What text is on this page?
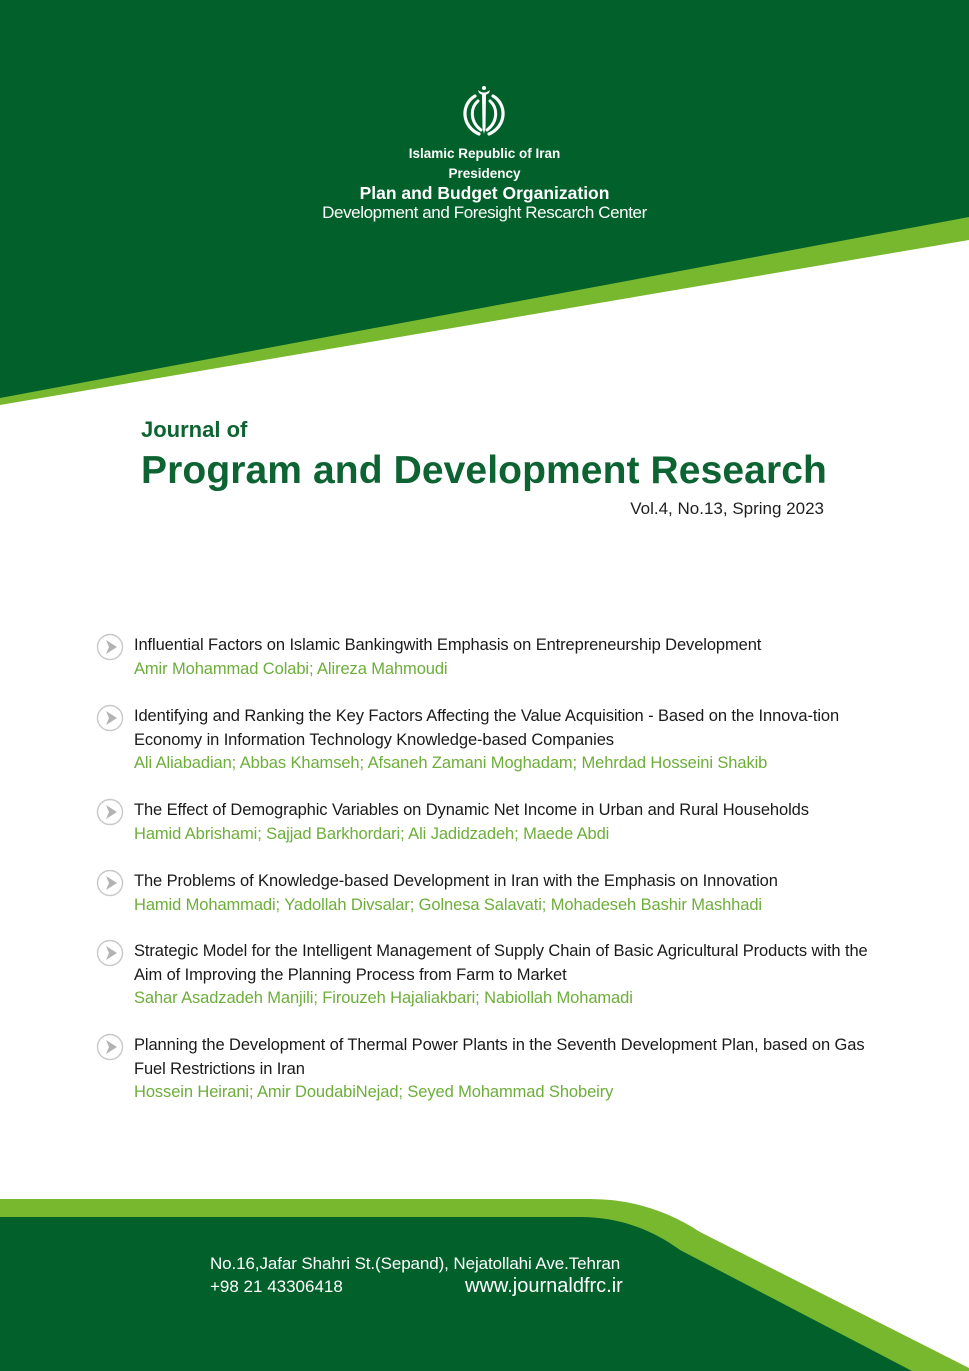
Islamic Republic of Iran
Presidency
Plan and Budget Organization
Development and Foresight Rescarch Center
Journal of
Program and Development Research
Vol.4, No.13, Spring 2023
Influential Factors on Islamic Bankingwith Emphasis on Entrepreneurship Development
Amir Mohammad Colabi; Alireza Mahmoudi
Identifying and Ranking the Key Factors Affecting the Value Acquisition - Based on the Innova-tion Economy in Information Technology Knowledge-based Companies
Ali Aliabadian; Abbas Khamseh; Afsaneh Zamani Moghadam; Mehrdad Hosseini Shakib
The Effect of Demographic Variables on Dynamic Net Income in Urban and Rural Households
Hamid Abrishami; Sajjad Barkhordari; Ali Jadidzadeh; Maede Abdi
The Problems of Knowledge-based Development in Iran with the Emphasis on Innovation
Hamid Mohammadi; Yadollah Divsalar; Golnesa Salavati; Mohadeseh Bashir Mashhadi
Strategic Model for the Intelligent Management of Supply Chain of Basic Agricultural Products with the Aim of Improving the Planning Process from Farm to Market
Sahar Asadzadeh Manjili; Firouzeh Hajaliakbari; Nabiollah Mohamadi
Planning the Development of Thermal Power Plants in the Seventh Development Plan, based on Gas Fuel Restrictions in Iran
Hossein Heirani; Amir DoudabiNejad; Seyed Mohammad Shobeiry
No.16,Jafar Shahri St.(Sepand), Nejatollahi Ave.Tehran
+98 21 43306418	www.journaldfrc.ir
